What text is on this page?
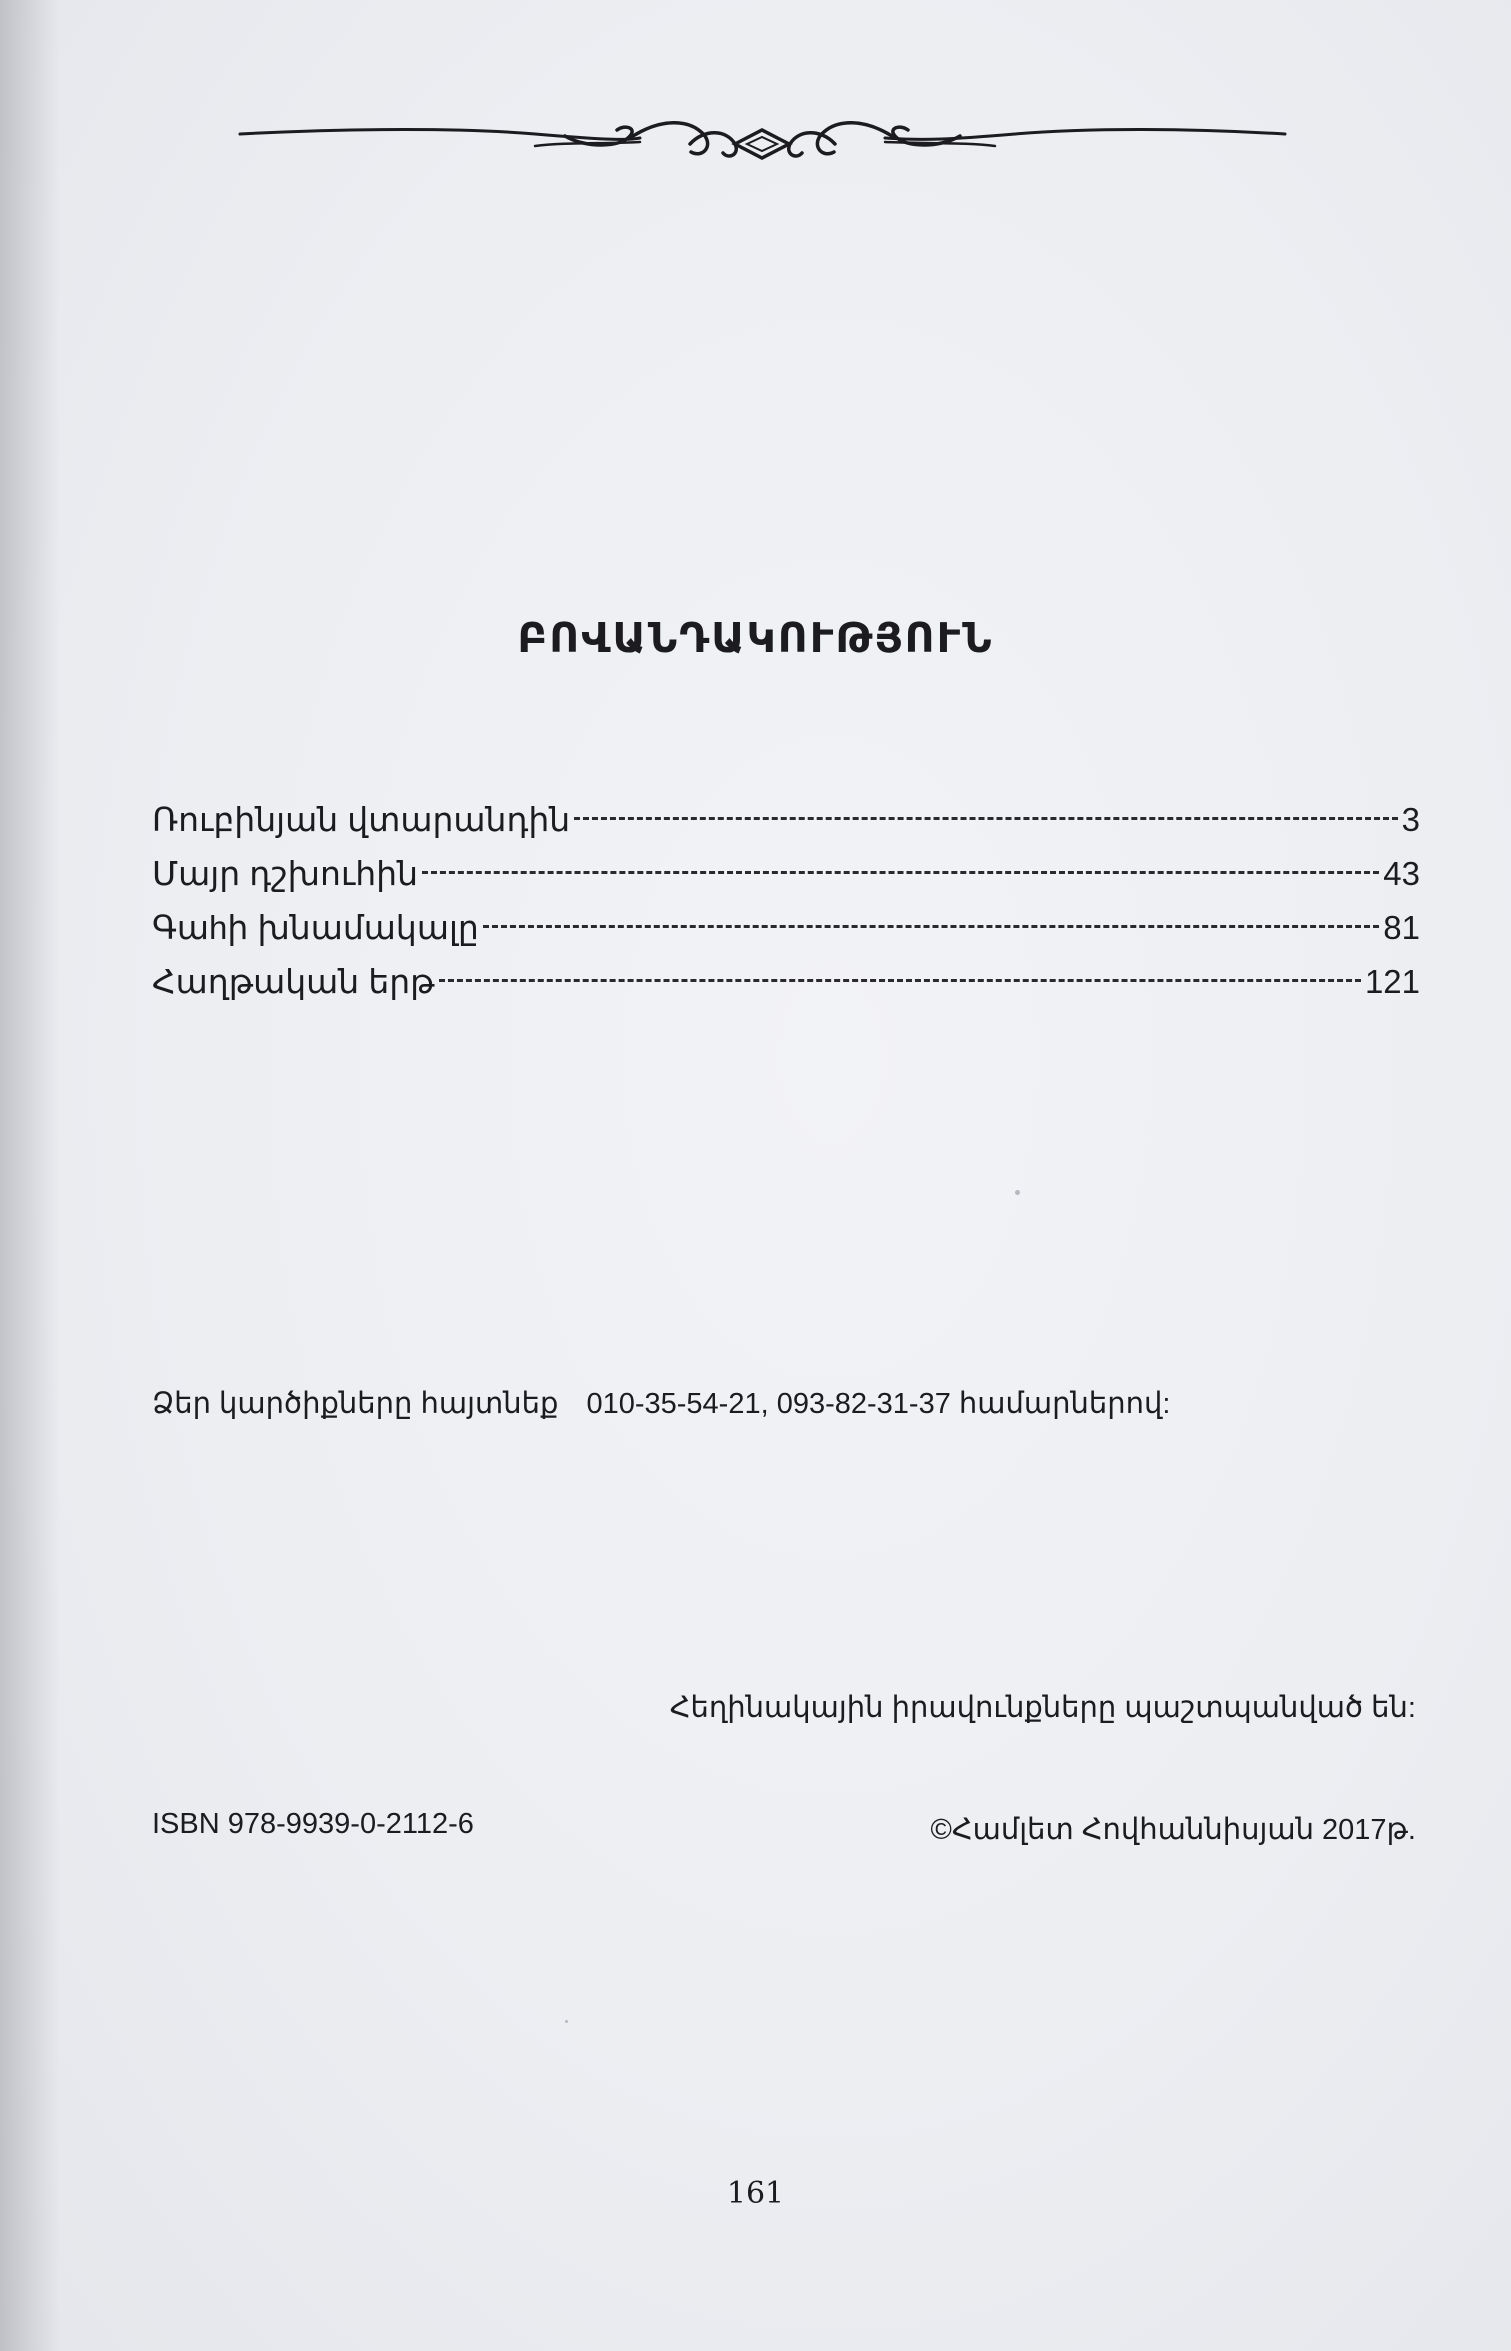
ԲՈՎԱՆԴԱԿՈՒԹՅՈՒՆ
Ռուբինյան վտարանդին	3
Մայր դշխուհին	43
Գաhի խնամակալը	81
Հաղթական երթ	121
Ձեր կարծիքները հայտնեք 010-35-54-21, 093-82-31-37 համարներով:
Հեղինակային իրավունքները պաշտպանված են:
ISBN 978-9939-0-2112-6	©Համլետ Հովհաննիսյան 2017թ.
161
